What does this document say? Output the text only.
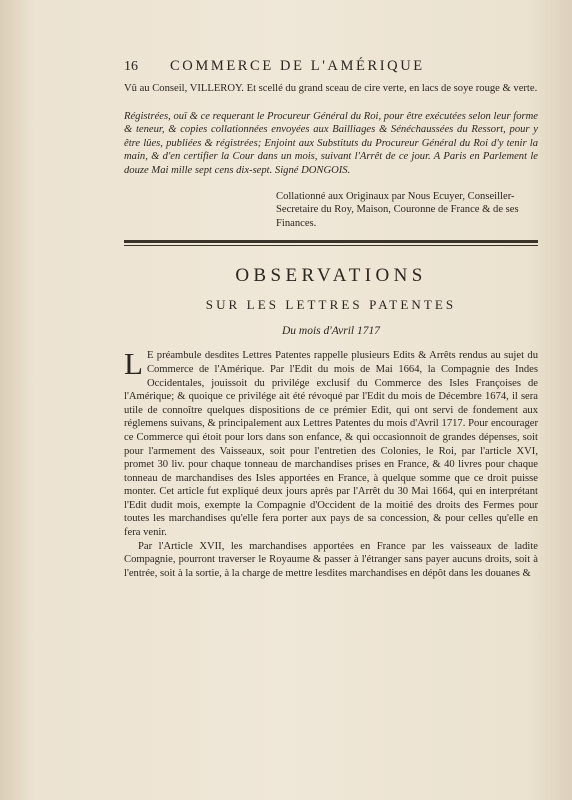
16	COMMERCE DE L'AMÉRIQUE

Vû au Conseil, VILLEROY. Et scellé du grand sceau de cire verte, en lacs de soye rouge & verte.

Régistrées, ouï & ce requerant le Procureur Général du Roi, pour être exécutées selon leur forme & teneur, & copies collationnées envoyées aux Bailliages & Sénéchaussées du Ressort, pour y être lûes, publiées & régistrées; Enjoint aux Substituts du Procureur Général du Roi d'y tenir la main, & d'en certifier la Cour dans un mois, suivant l'Arrêt de ce jour. A Paris en Parlement le douze Mai mille sept cens dix-sept. Signé DONGOIS.

Collationné aux Originaux par Nous Ecuyer, Conseiller-Secretaire du Roy, Maison, Couronne de France & de ses Finances.

OBSERVATIONS
SUR LES LETTRES PATENTES
Du mois d'Avril 1717

L E préambule desdites Lettres Patentes rappelle plusieurs Edits & Arrêts rendus au sujet du Commerce de l'Amérique. Par l'Edit du mois de Mai 1664, la Compagnie des Indes Occidentales, jouissoit du privilége exclusif du Commerce des Isles Françoises de l'Amérique; & quoique ce privilége ait été révoqué par l'Edit du mois de Décembre 1674, il sera utile de connoître quelques dispositions de ce prémier Edit, qui ont servi de fondement aux réglemens suivans, & principalement aux Lettres Patentes du mois d'Avril 1717. Pour encourager ce Commerce qui étoit pour lors dans son enfance, & qui occasionnoit de grandes dépenses, soit pour l'armement des Vaisseaux, soit pour l'entretien des Colonies, le Roi, par l'article XVI, promet 30 liv. pour chaque tonneau de marchandises prises en France, & 40 livres pour chaque tonneau de marchandises des Isles apportées en France, à quelque somme que ce droit puisse monter. Cet article fut expliqué deux jours après par l'Arrêt du 30 Mai 1664, qui en interprétant l'Edit dudit mois, exempte la Compagnie d'Occident de la moitié des droits des Fermes pour toutes les marchandises qu'elle fera porter aux pays de sa concession, & pour celles qu'elle en fera venir.

Par l'Article XVII, les marchandises apportées en France par les vaisseaux de ladite Compagnie, pourront traverser le Royaume & passer à l'étranger sans payer aucuns droits, soit à l'entrée, soit à la sortie, à la charge de mettre lesdites marchandises en dépôt dans les douanes &
